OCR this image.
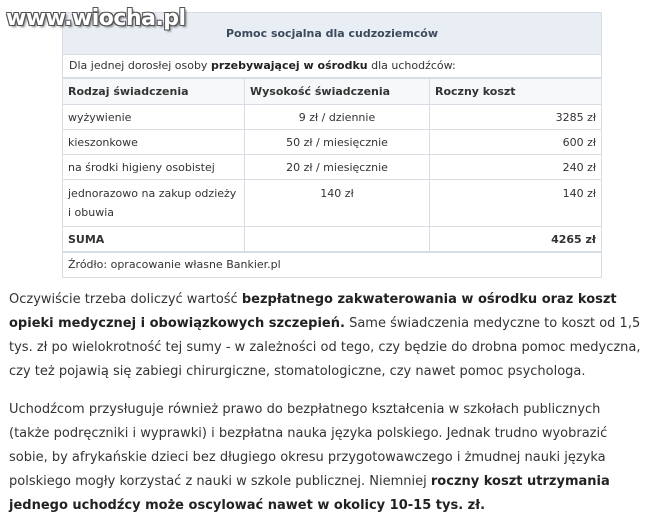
www.wiocha.pl
Pomoc socjalna dla cudzoziemców
Dla jednej dorosłej osoby przebywającej w ośrodku dla uchodźców:
Rodzaj świadczenia	Wysokość świadczenia	Roczny koszt
wyżywienie	9 zł / dziennie	3285 zł
kieszonkowe	50 zł / miesięcznie	600 zł
na środki higieny osobistej	20 zł / miesięcznie	240 zł
jednorazowo na zakup odzieży i obuwia	140 zł	140 zł
SUMA		4265 zł
Źródło: opracowanie własne Bankier.pl

Oczywiście trzeba doliczyć wartość bezpłatnego zakwaterowania w ośrodku oraz koszt opieki medycznej i obowiązkowych szczepień. Same świadczenia medyczne to koszt od 1,5 tys. zł po wielokrotność tej sumy - w zależności od tego, czy będzie do drobna pomoc medyczna, czy też pojawią się zabiegi chirurgiczne, stomatologiczne, czy nawet pomoc psychologa.

Uchodźcom przysługuje również prawo do bezpłatnego kształcenia w szkołach publicznych (także podręczniki i wyprawki) i bezpłatna nauka języka polskiego. Jednak trudno wyobrazić sobie, by afrykańskie dzieci bez długiego okresu przygotowawczego i żmudnej nauki języka polskiego mogły korzystać z nauki w szkole publicznej. Niemniej roczny koszt utrzymania jednego uchodźcy może oscylować nawet w okolicy 10-15 tys. zł.
